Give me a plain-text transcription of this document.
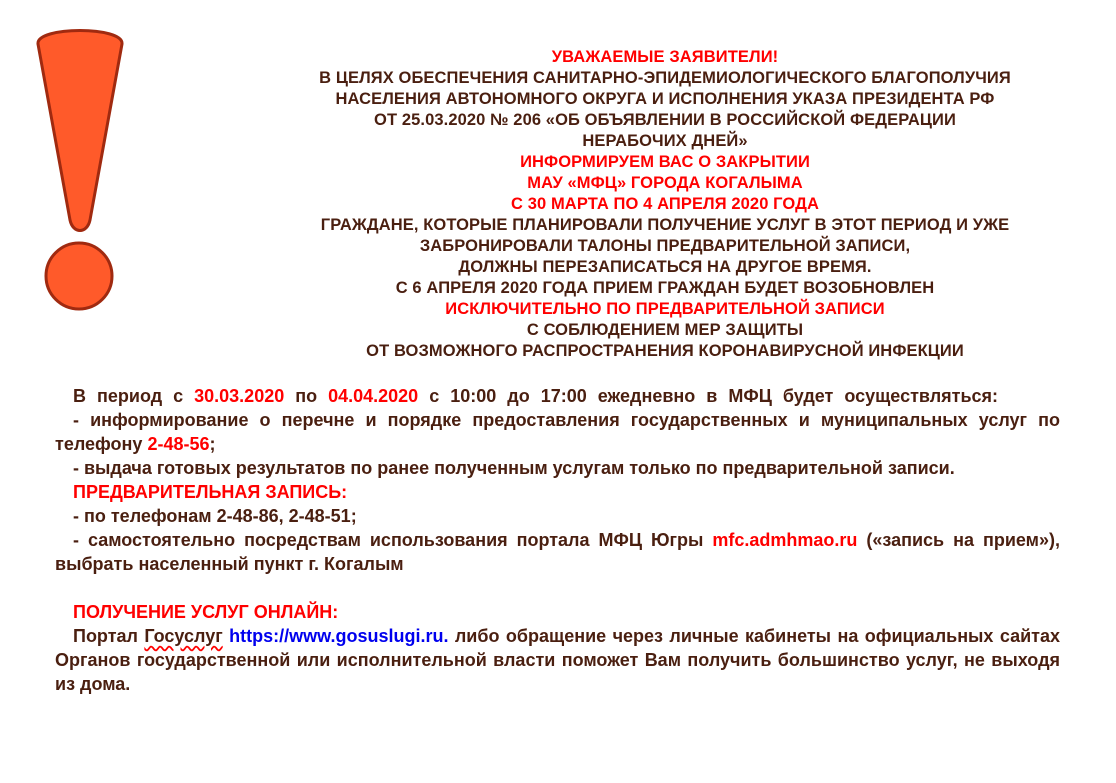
УВАЖАЕМЫЕ ЗАЯВИТЕЛИ!
В ЦЕЛЯХ ОБЕСПЕЧЕНИЯ САНИТАРНО-ЭПИДЕМИОЛОГИЧЕСКОГО БЛАГОПОЛУЧИЯ
НАСЕЛЕНИЯ АВТОНОМНОГО ОКРУГА И ИСПОЛНЕНИЯ УКАЗА ПРЕЗИДЕНТА РФ
ОТ 25.03.2020 № 206 «ОБ ОБЪЯВЛЕНИИ В РОССИЙСКОЙ ФЕДЕРАЦИИ
НЕРАБОЧИХ ДНЕЙ»
ИНФОРМИРУЕМ ВАС О ЗАКРЫТИИ
МАУ «МФЦ» ГОРОДА КОГАЛЫМА
С 30 МАРТА ПО 4 АПРЕЛЯ 2020 ГОДА
ГРАЖДАНЕ, КОТОРЫЕ ПЛАНИРОВАЛИ ПОЛУЧЕНИЕ УСЛУГ В ЭТОТ ПЕРИОД И УЖЕ
ЗАБРОНИРОВАЛИ ТАЛОНЫ ПРЕДВАРИТЕЛЬНОЙ ЗАПИСИ,
ДОЛЖНЫ ПЕРЕЗАПИСАТЬСЯ НА ДРУГОЕ ВРЕМЯ.
С 6 АПРЕЛЯ 2020 ГОДА ПРИЕМ ГРАЖДАН БУДЕТ ВОЗОБНОВЛЕН
ИСКЛЮЧИТЕЛЬНО ПО ПРЕДВАРИТЕЛЬНОЙ ЗАПИСИ
С СОБЛЮДЕНИЕМ МЕР ЗАЩИТЫ
ОТ ВОЗМОЖНОГО РАСПРОСТРАНЕНИЯ КОРОНАВИРУСНОЙ ИНФЕКЦИИ
В период с 30.03.2020 по 04.04.2020 с 10:00 до 17:00 ежедневно в МФЦ будет осуществляться:
- информирование о перечне и порядке предоставления государственных и муниципальных услуг по телефону 2-48-56;
- выдача готовых результатов по ранее полученным услугам только по предварительной записи.
ПРЕДВАРИТЕЛЬНАЯ ЗАПИСЬ:
- по телефонам 2-48-86, 2-48-51;
- самостоятельно посредствам использования портала МФЦ Югры mfc.admhmao.ru («запись на прием»), выбрать населенный пункт г. Когалым
ПОЛУЧЕНИЕ УСЛУГ ОНЛАЙН:
Портал Госуслуг https://www.gosuslugi.ru. либо обращение через личные кабинеты на официальных сайтах Органов государственной или исполнительной власти поможет Вам получить большинство услуг, не выходя из дома.
